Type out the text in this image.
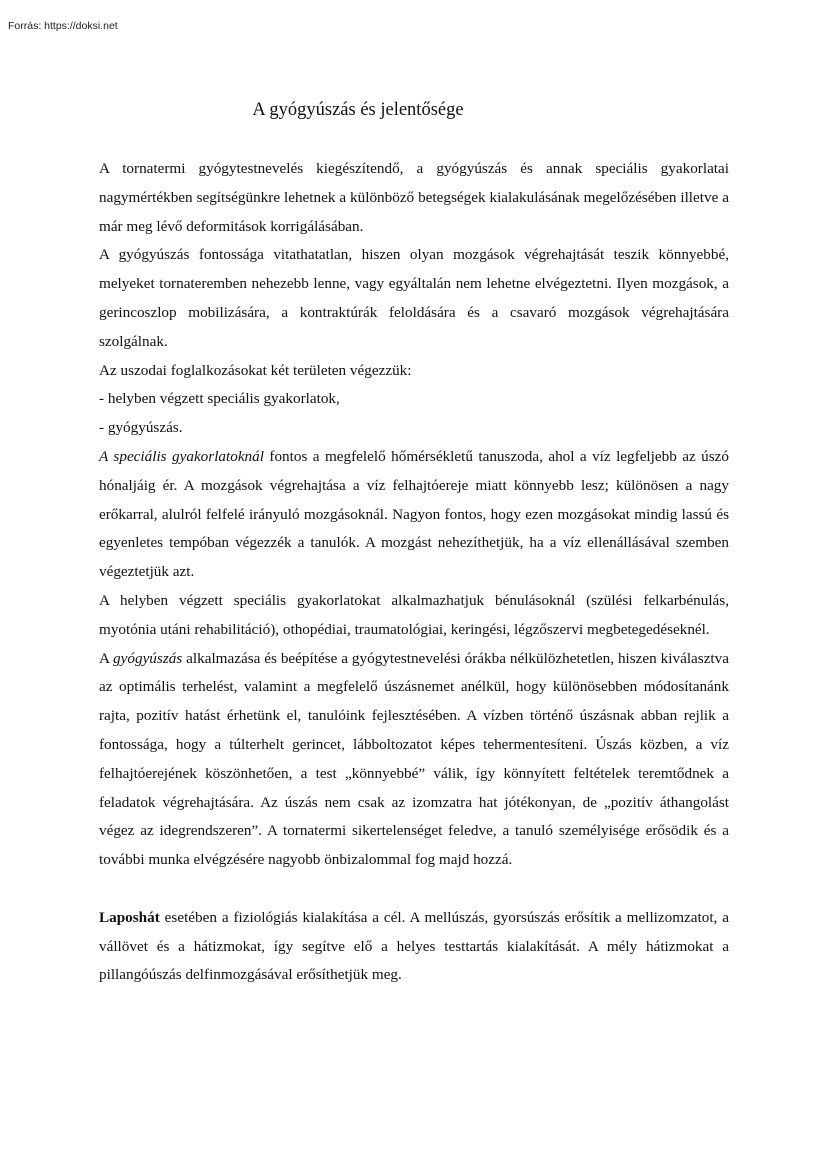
Forrás: https://doksi.net

A gyógyúszás és jelentősége

A tornatermi gyógytestnevelés kiegészítendő, a gyógyúszás és annak speciális gyakorlatai nagymértékben segítségünkre lehetnek a különböző betegségek kialakulásának megelőzésében illetve a már meg lévő deformitások korrigálásában.

A gyógyúszás fontossága vitathatatlan, hiszen olyan mozgások végrehajtását teszik könnyebbé, melyeket tornateremben nehezebb lenne, vagy egyáltalán nem lehetne elvégeztetni. Ilyen mozgások, a gerincoszlop mobilizására, a kontraktúrák feloldására és a csavaró mozgások végrehajtására szolgálnak.

Az uszodai foglalkozásokat két területen végezzük:

- helyben végzett speciális gyakorlatok,

- gyógyúszás.

A speciális gyakorlatoknál fontos a megfelelő hőmérsékletű tanuszoda, ahol a víz legfeljebb az úszó hónaljáig ér. A mozgások végrehajtása a víz felhajtóereje miatt könnyebb lesz; különösen a nagy erőkarral, alulról felfelé irányuló mozgásoknál. Nagyon fontos, hogy ezen mozgásokat mindig lassú és egyenletes tempóban végezzék a tanulók. A mozgást nehezíthetjük, ha a víz ellenállásával szemben végeztetjük azt.

A helyben végzett speciális gyakorlatokat alkalmazhatjuk bénulásoknál (szülési felkarbénulás, myotónia utáni rehabilitáció), othopédiai, traumatológiai, keringési, légzőszervi megbetegedéseknél.

A gyógyúszás alkalmazása és beépítése a gyógytestnevelési órákba nélkülözhetetlen, hiszen kiválasztva az optimális terhelést, valamint a megfelelő úszásnemet anélkül, hogy különösebben módosítanánk rajta, pozitív hatást érhetünk el, tanulóink fejlesztésében. A vízben történő úszásnak abban rejlik a fontossága, hogy a túlterhelt gerincet, lábboltozatot képes tehermentesíteni. Úszás közben, a víz felhajtóerejének köszönhetően, a test „könnyebbé” válik, így könnyített feltételek teremtődnek a feladatok végrehajtására. Az úszás nem csak az izomzatra hat jótékonyan, de „pozitív áthangolást végez az idegrendszeren”. A tornatermi sikertelenséget feledve, a tanuló személyisége erősödik és a további munka elvégzésére nagyobb önbizalommal fog majd hozzá.

Laposhát esetében a fiziológiás kialakítása a cél. A mellúszás, gyorsúszás erősítik a mellizomzatot, a vállövet és a hátizmokat, így segítve elő a helyes testtartás kialakítását. A mély hátizmokat a pillangóúszás delfinmozgásával erősíthetjük meg.
